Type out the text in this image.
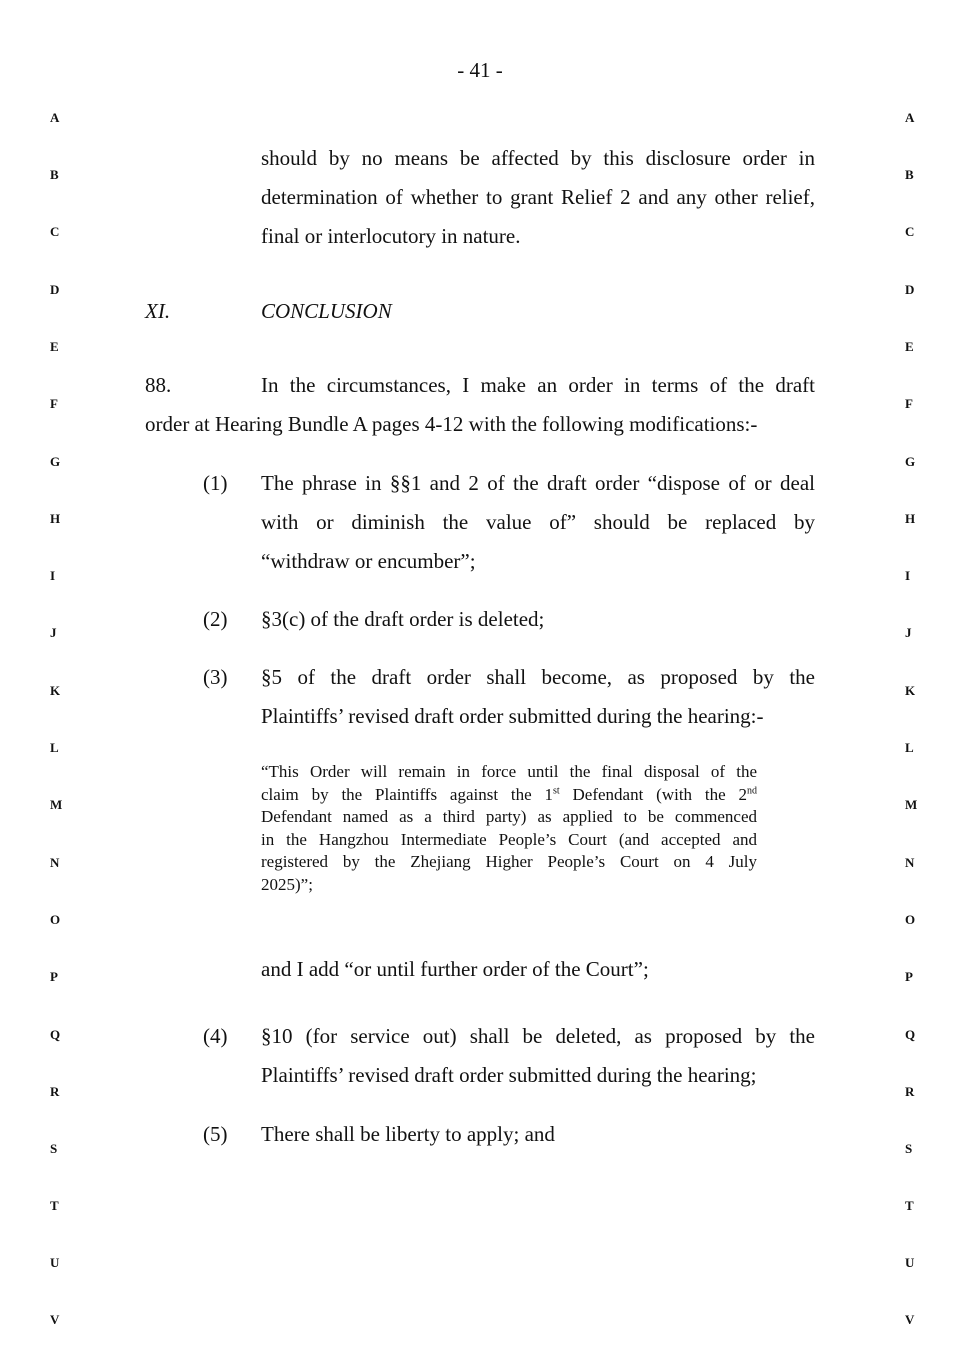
- 41 -
A
B
C
D
E
F
G
H
I
J
K
L
M
N
O
P
Q
R
S
T
U
V
A
B
C
D
E
F
G
H
I
J
K
L
M
N
O
P
Q
R
S
T
U
V
should by no means be affected by this disclosure order in
determination of whether to grant Relief 2 and any other relief,
final or interlocutory in nature.
XI.	CONCLUSION
88.	In the circumstances, I make an order in terms of the draft
order at Hearing Bundle A pages 4-12 with the following modifications:-
(1) The phrase in §§1 and 2 of the draft order “dispose of or deal
with or diminish the value of” should be replaced by
“withdraw or encumber”;
(2) §3(c) of the draft order is deleted;
(3) §5 of the draft order shall become, as proposed by the
Plaintiffs’ revised draft order submitted during the hearing:-
“This Order will remain in force until the final disposal of the
claim by the Plaintiffs against the 1st Defendant (with the 2nd
Defendant named as a third party) as applied to be commenced
in the Hangzhou Intermediate People’s Court (and accepted and
registered by the Zhejiang Higher People’s Court on 4 July
2025)”;
and I add “or until further order of the Court”;
(4) §10 (for service out) shall be deleted, as proposed by the
Plaintiffs’ revised draft order submitted during the hearing;
(5) There shall be liberty to apply; and
